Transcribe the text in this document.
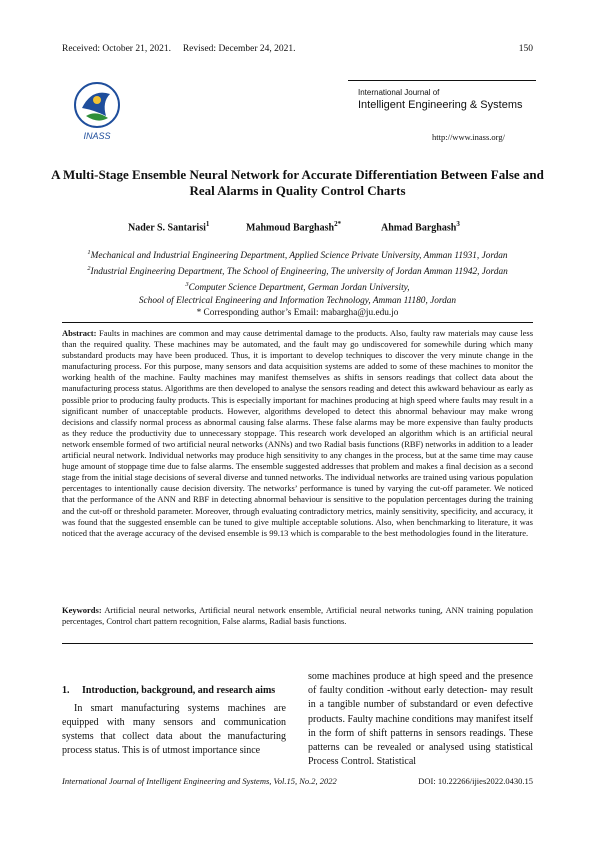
Received: October 21, 2021. Revised: December 24, 2021.	150
INASS
International Journal of
Intelligent Engineering & Systems
http://www.inass.org/
A Multi-Stage Ensemble Neural Network for Accurate Differentiation Between False and Real Alarms in Quality Control Charts
Nader S. Santarisi$^1$	Mahmoud Barghash$^{2*}$	Ahmad Barghash$^3$
$^1$Mechanical and Industrial Engineering Department, Applied Science Private University, Amman 11931, Jordan
$^2$Industrial Engineering Department, The School of Engineering, The university of Jordan Amman 11942, Jordan
$^3$Computer Science Department, German Jordan University,
School of Electrical Engineering and Information Technology, Amman 11180, Jordan
* Corresponding author’s Email: mabargha@ju.edu.jo
Abstract: Faults in machines are common and may cause detrimental damage to the products. Also, faulty raw materials may cause less than the required quality. These machines may be automated, and the fault may go undiscovered for somewhile during which many substandard products may have been produced. Thus, it is important to develop techniques to discover the very minute change in the manufacturing process. For this purpose, many sensors and data acquisition systems are added to some of these machines to monitor the working health of the machine. Faulty machines may manifest themselves as shifts in sensors readings that collect data about the manufacturing process status. Algorithms are then developed to analyse the sensors reading and detect this awkward behaviour as early as possible prior to producing faulty products. This is especially important for machines producing at high speed where faults may result in a significant number of unacceptable products. However, algorithms developed to detect this abnormal behaviour may make wrong decisions and classify normal process as abnormal causing false alarms. These false alarms may be more expensive than faulty products as they reduce the productivity due to unnecessary stoppage. This research work developed an algorithm which is an artificial neural network ensemble formed of two artificial neural networks (ANNs) and two Radial basis functions (RBF) networks in addition to a leader artificial neural network. Individual networks may produce high sensitivity to any changes in the process, but at the same time may cause huge amount of stoppage time due to false alarms. The ensemble suggested addresses that problem and makes a final decision as a second stage from the initial stage decisions of several diverse and tunned networks. The individual networks are trained using various population percentages to intentionally cause decision diversity. The networks’ performance is tuned by varying the cut-off parameter. We noticed that the performance of the ANN and RBF in detecting abnormal behaviour is sensitive to the population percentages during the training and the cut-off or threshold parameter. Moreover, through evaluating contradictory metrics, mainly sensitivity, specificity, and accuracy, it was found that the suggested ensemble can be tuned to give multiple acceptable solutions. Also, when benchmarking to literature, it was noticed that the average accuracy of the devised ensemble is 99.13 which is comparable to the best methodologies found in the literature.
Keywords: Artificial neural networks, Artificial neural network ensemble, Artificial neural networks tuning, ANN training population percentages, Control chart pattern recognition, False alarms, Radial basis functions.
1.	Introduction, background, and research aims
In smart manufacturing systems machines are equipped with many sensors and communication systems that collect data about the manufacturing process status. This is of utmost importance since
some machines produce at high speed and the presence of faulty condition -without early detection- may result in a tangible number of substandard or even defective products. Faulty machine conditions may manifest itself in the form of shift patterns in sensors readings. These patterns can be revealed or analysed using statistical Process Control. Statistical
International Journal of Intelligent Engineering and Systems, Vol.15, No.2, 2022	DOI: 10.22266/ijies2022.0430.15
